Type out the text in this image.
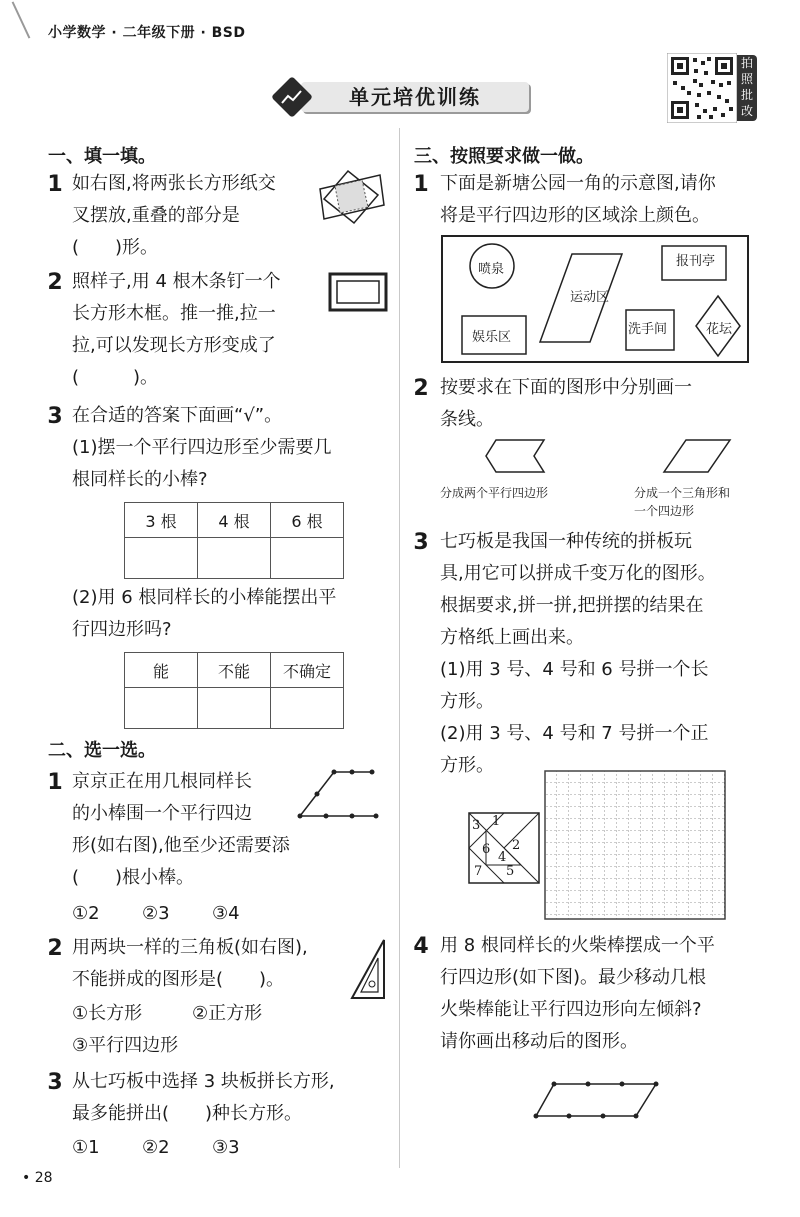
小学数学 · 二年级下册 · BSD
单元培优训练
拍照批改
一、填一填。
1 如右图,将两张长方形纸交
叉摆放,重叠的部分是
(　　)形。
2 照样子,用 4 根木条钉一个
长方形木框。推一推,拉一
拉,可以发现长方形变成了
(　　　)。
3 在合适的答案下面画“√”。
(1)摆一个平行四边形至少需要几
根同样长的小棒?
3 根	4 根	6 根

(2)用 6 根同样长的小棒能摆出平
行四边形吗?
能	不能	不确定

二、选一选。
1 京京正在用几根同样长
的小棒围一个平行四边
形(如右图),他至少还需要添
(　　)根小棒。
①2 ②3 ③4
2 用两块一样的三角板(如右图),
不能拼成的图形是(　　)。
①长方形	②正方形
③平行四边形
3 从七巧板中选择 3 块板拼长方形,
最多能拼出(　　)种长方形。
①1 ②2 ③3
• 28
三、按照要求做一做。
1 下面是新塘公园一角的示意图,请你
将是平行四边形的区域涂上颜色。
喷泉
报刊亭
运动区
娱乐区
洗手间	花坛
2 按要求在下面的图形中分别画一
条线。
分成两个平行四边形	分成一个三角形和
一个四边形
3 七巧板是我国一种传统的拼板玩
具,用它可以拼成千变万化的图形。
根据要求,拼一拼,把拼摆的结果在
方格纸上画出来。
(1)用 3 号、4 号和 6 号拼一个长
方形。
(2)用 3 号、4 号和 7 号拼一个正
方形。
1
2
3
4
5
6
7
4 用 8 根同样长的火柴棒摆成一个平
行四边形(如下图)。最少移动几根
火柴棒能让平行四边形向左倾斜?
请你画出移动后的图形。
